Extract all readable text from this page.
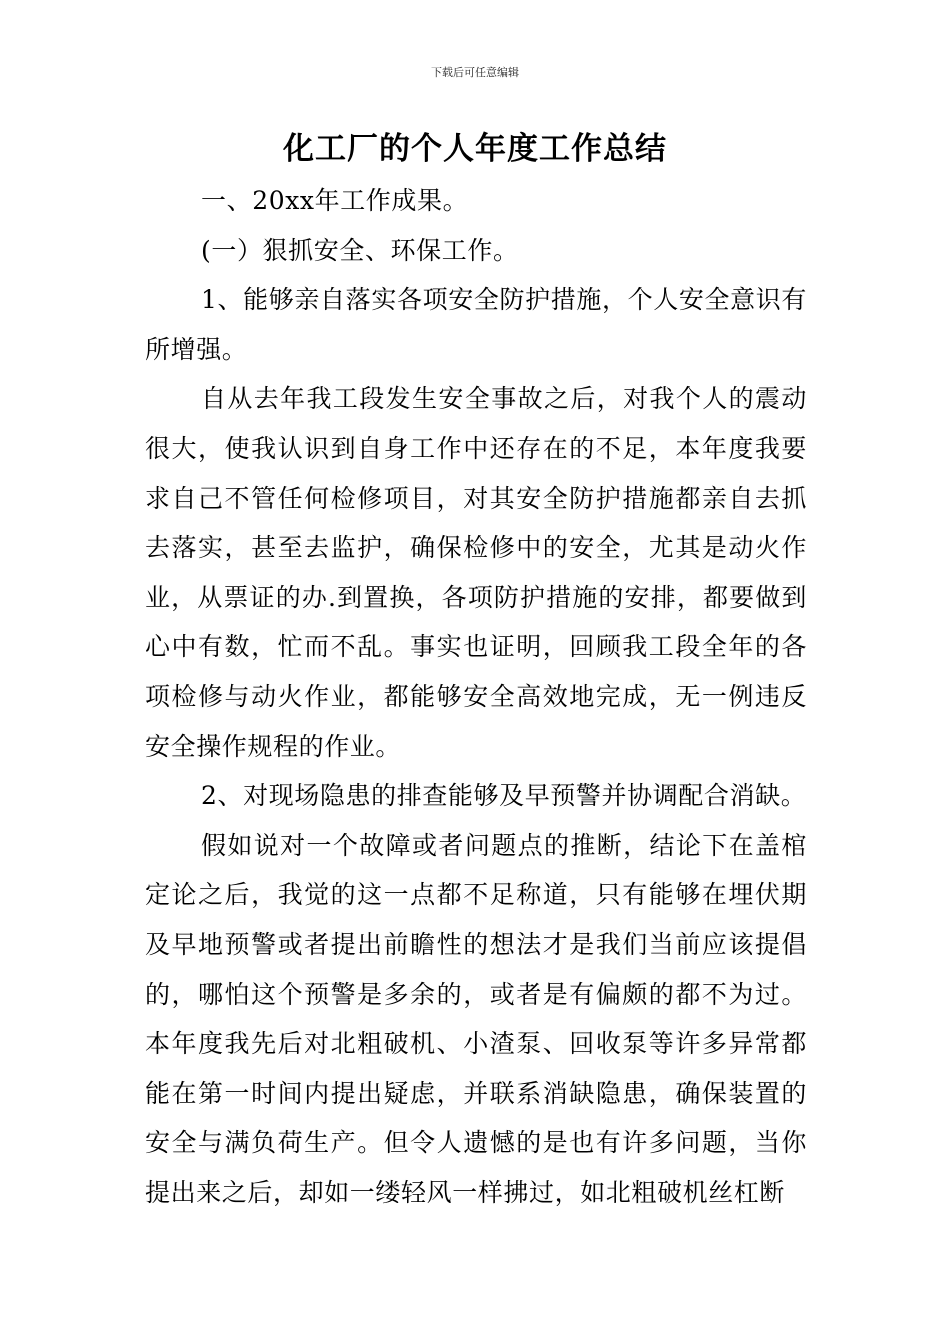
下载后可任意编辑
化工厂的个人年度工作总结

一、20xx年工作成果。

(一）狠抓安全、环保工作。

1、能够亲自落实各项安全防护措施，个人安全意识有所增强。

自从去年我工段发生安全事故之后，对我个人的震动很大，使我认识到自身工作中还存在的不足，本年度我要求自己不管任何检修项目，对其安全防护措施都亲自去抓去落实，甚至去监护，确保检修中的安全，尤其是动火作业，从票证的办.到置换，各项防护措施的安排，都要做到心中有数，忙而不乱。事实也证明，回顾我工段全年的各项检修与动火作业，都能够安全高效地完成，无一例违反安全操作规程的作业。

2、对现场隐患的排查能够及早预警并协调配合消缺。

假如说对一个故障或者问题点的推断，结论下在盖棺定论之后，我觉的这一点都不足称道，只有能够在埋伏期及早地预警或者提出前瞻性的想法才是我们当前应该提倡的，哪怕这个预警是多余的，或者是有偏颇的都不为过。本年度我先后对北粗破机、小渣泵、回收泵等许多异常都能在第一时间内提出疑虑，并联系消缺隐患，确保装置的安全与满负荷生产。但令人遗憾的是也有许多问题，当你提出来之后，却如一缕轻风一样拂过，如北粗破机丝杠断
